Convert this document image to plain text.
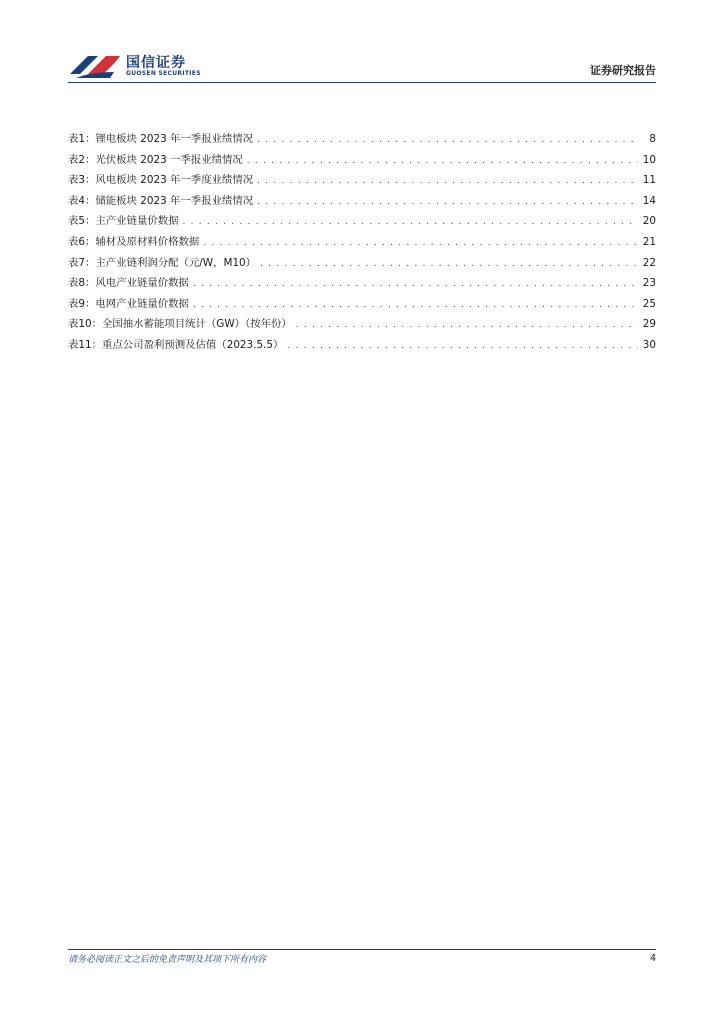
国信证券
GUOSEN SECURITIES	证券研究报告
表1： 锂电板块 2023 年一季报业绩情况 . . .	8
表2： 光伏板块 2023 一季报业绩情况 . . .	10
表3： 风电板块 2023 年一季度业绩情况 . . .	11
表4： 储能板块 2023 年一季报业绩情况 . . .	14
表5： 主产业链量价数据 . . .	20
表6： 辅材及原材料价格数据 . . .	21
表7： 主产业链利润分配（元/W，M10） . . .	22
表8： 风电产业链量价数据 . . .	23
表9： 电网产业链量价数据 . . .	25
表10： 全国抽水蓄能项目统计（GW）（按年份） . . .	29
表11： 重点公司盈利预测及估值（2023.5.5） . . .	30
请务必阅读正文之后的免责声明及其项下所有内容	4
